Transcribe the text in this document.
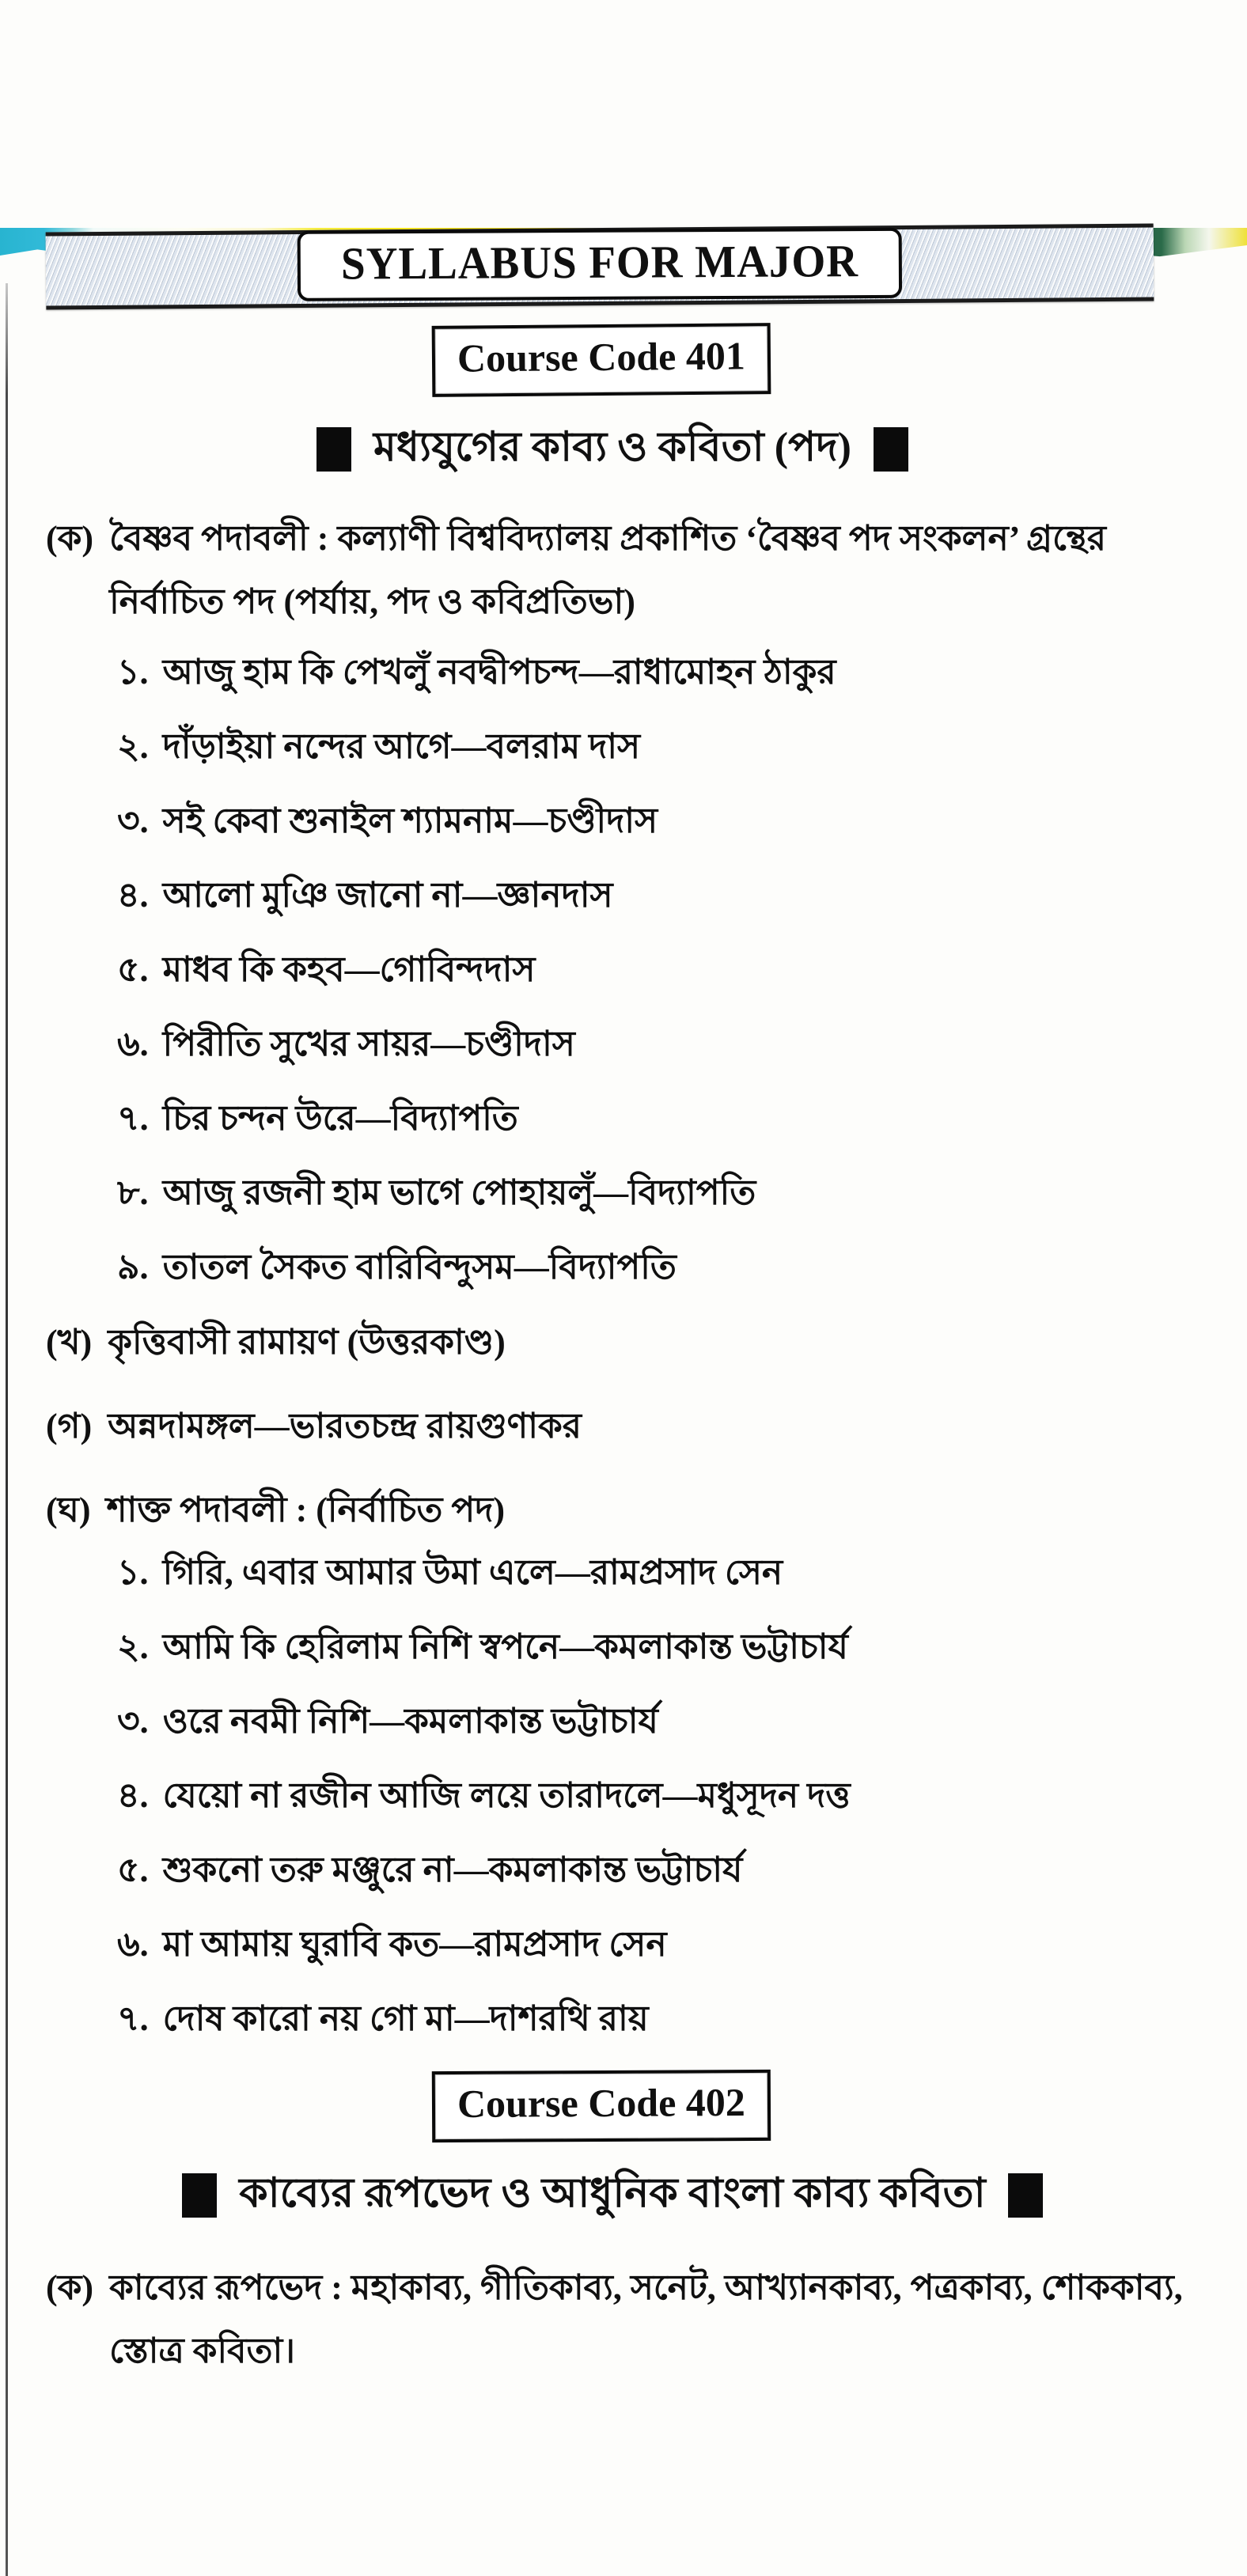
SYLLABUS FOR MAJOR
Course Code 401
মধ্যযুগের কাব্য ও কবিতা (পদ)
(ক) বৈষ্ণব পদাবলী : কল্যাণী বিশ্ববিদ্যালয় প্রকাশিত ‘বৈষ্ণব পদ সংকলন’ গ্রন্থের নির্বাচিত পদ (পর্যায়, পদ ও কবিপ্রতিভা)
১. আজু হাম কি পেখলুঁ নবদ্বীপচন্দ—রাধামোহন ঠাকুর
২. দাঁড়াইয়া নন্দের আগে—বলরাম দাস
৩. সই কেবা শুনাইল শ্যামনাম—চণ্ডীদাস
৪. আলো মুঞি জানো না—জ্ঞানদাস
৫. মাধব কি কহব—গোবিন্দদাস
৬. পিরীতি সুখের সায়র—চণ্ডীদাস
৭. চির চন্দন উরে—বিদ্যাপতি
৮. আজু রজনী হাম ভাগে পোহায়লুঁ—বিদ্যাপতি
৯. তাতল সৈকত বারিবিন্দুসম—বিদ্যাপতি
(খ) কৃত্তিবাসী রামায়ণ (উত্তরকাণ্ড)
(গ) অন্নদামঙ্গল—ভারতচন্দ্র রায়গুণাকর
(ঘ) শাক্ত পদাবলী : (নির্বাচিত পদ)
১. গিরি, এবার আমার উমা এলে—রামপ্রসাদ সেন
২. আমি কি হেরিলাম নিশি স্বপনে—কমলাকান্ত ভট্টাচার্য
৩. ওরে নবমী নিশি—কমলাকান্ত ভট্টাচার্য
৪. যেয়ো না রজীন আজি লয়ে তারাদলে—মধুসূদন দত্ত
৫. শুকনো তরু মঞ্জুরে না—কমলাকান্ত ভট্টাচার্য
৬. মা আমায় ঘুরাবি কত—রামপ্রসাদ সেন
৭. দোষ কারো নয় গো মা—দাশরথি রায়
Course Code 402
কাব্যের রূপভেদ ও আধুনিক বাংলা কাব্য কবিতা
(ক) কাব্যের রূপভেদ : মহাকাব্য, গীতিকাব্য, সনেট, আখ্যানকাব্য, পত্রকাব্য, শোককাব্য, স্তোত্র কবিতা।
